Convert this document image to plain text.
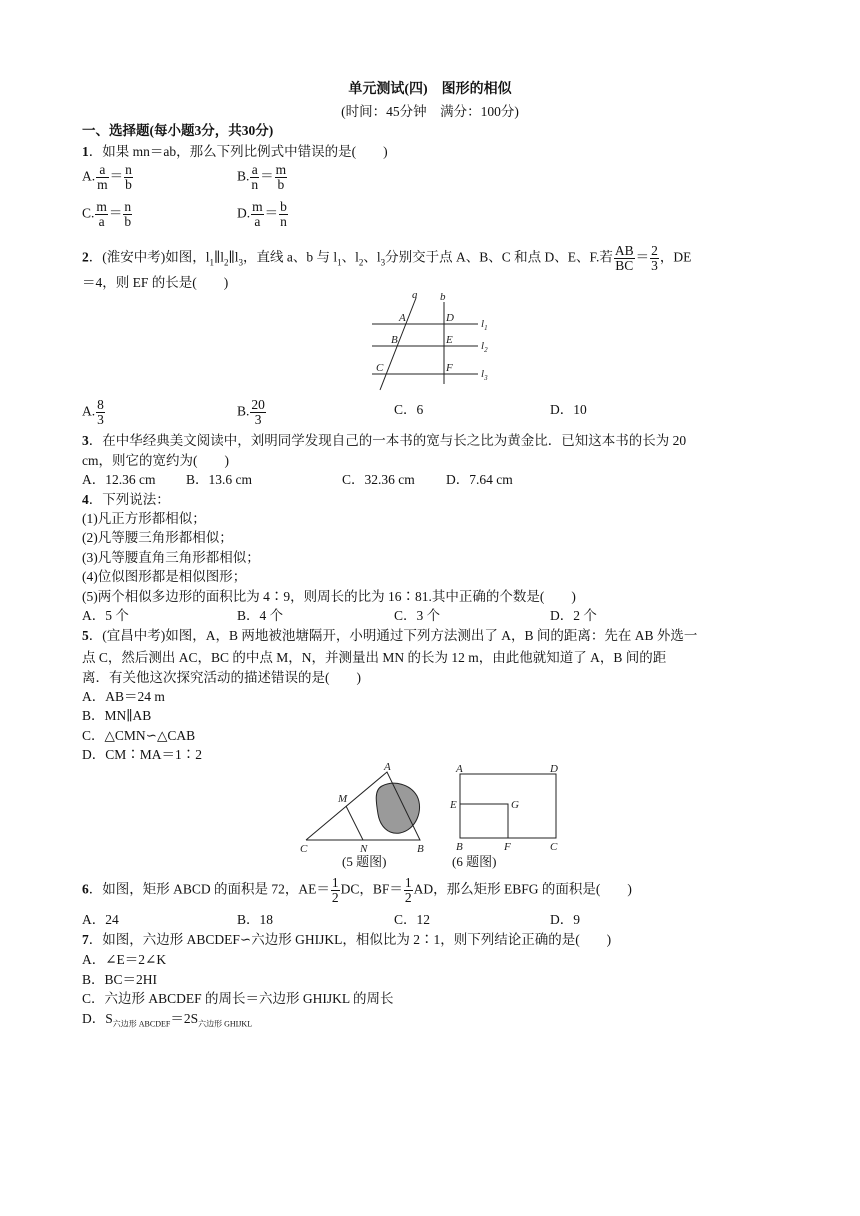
单元测试(四)　图形的相似
(时间：45分钟　满分：100分)
一、选择题(每小题3分，共30分)
1．如果 mn＝ab，那么下列比例式中错误的是(　　)
A. $\frac{a}{m} = \frac{n}{b}$	B. $\frac{a}{n} = \frac{m}{b}$
C. $\frac{m}{a} = \frac{n}{b}$	D. $\frac{m}{a} = \frac{b}{n}$
2．(淮安中考)如图，$l_1\parallel l_2\parallel l_3$，直线 a、b 与 $l_1$、$l_2$、$l_3$分别交于点 A、B、C 和点 D、E、F.若 $\frac{AB}{BC} = \frac{2}{3}$ ，DE
＝4，则 EF 的长是(　　)
a b
A	D
B	E
C	F
$l_1$
$l_2$
$l_3$
A. $\frac{8}{3}$	B. $\frac{20}{3}$	C．6	D．10
3．在中华经典美文阅读中，刘明同学发现自己的一本书的宽与长之比为黄金比．已知这本书的长为 20
cm，则它的宽约为(　　)
A．12.36 cm B．13.6 cm	C．32.36 cm D．7.64 cm
4．下列说法：
(1)凡正方形都相似；
(2)凡等腰三角形都相似；
(3)凡等腰直角三角形都相似；
(4)位似图形都是相似图形；
(5)两个相似多边形的面积比为 4∶9，则周长的比为 16∶81.其中正确的个数是(　　)
A．5 个	B．4 个	C．3 个	D．2 个
5．(宜昌中考)如图，A，B 两地被池塘隔开，小明通过下列方法测出了 A，B 间的距离：先在 AB 外选一
点 C，然后测出 AC，BC 的中点 M，N，并测量出 MN 的长为 12 m，由此他就知道了 A，B 间的距
离．有关他这次探究活动的描述错误的是(　　)
A．AB＝24 m
B．MN∥AB
C．△CMN∽△CAB
D．CM∶MA＝1∶2
A
M
C	N	B
(5 题图)
A	D
E	G
B	F	C
(6 题图)
6．如图，矩形 ABCD 的面积是 72，$AE= \frac{1}{2}$ DC，$BF= \frac{1}{2}$ AD，那么矩形 EBFG 的面积是(　　)
A．24	B．18	C．12	D．9
7．如图，六边形 ABCDEF∽六边形 GHIJKL，相似比为 2∶1，则下列结论正确的是(　　)
A．∠E＝2∠K
B．BC＝2HI
C．六边形 ABCDEF 的周长＝六边形 GHIJKL 的周长
D．$S_{六边形 ABCDEF}=2S_{六边形 GHIJKL}$
